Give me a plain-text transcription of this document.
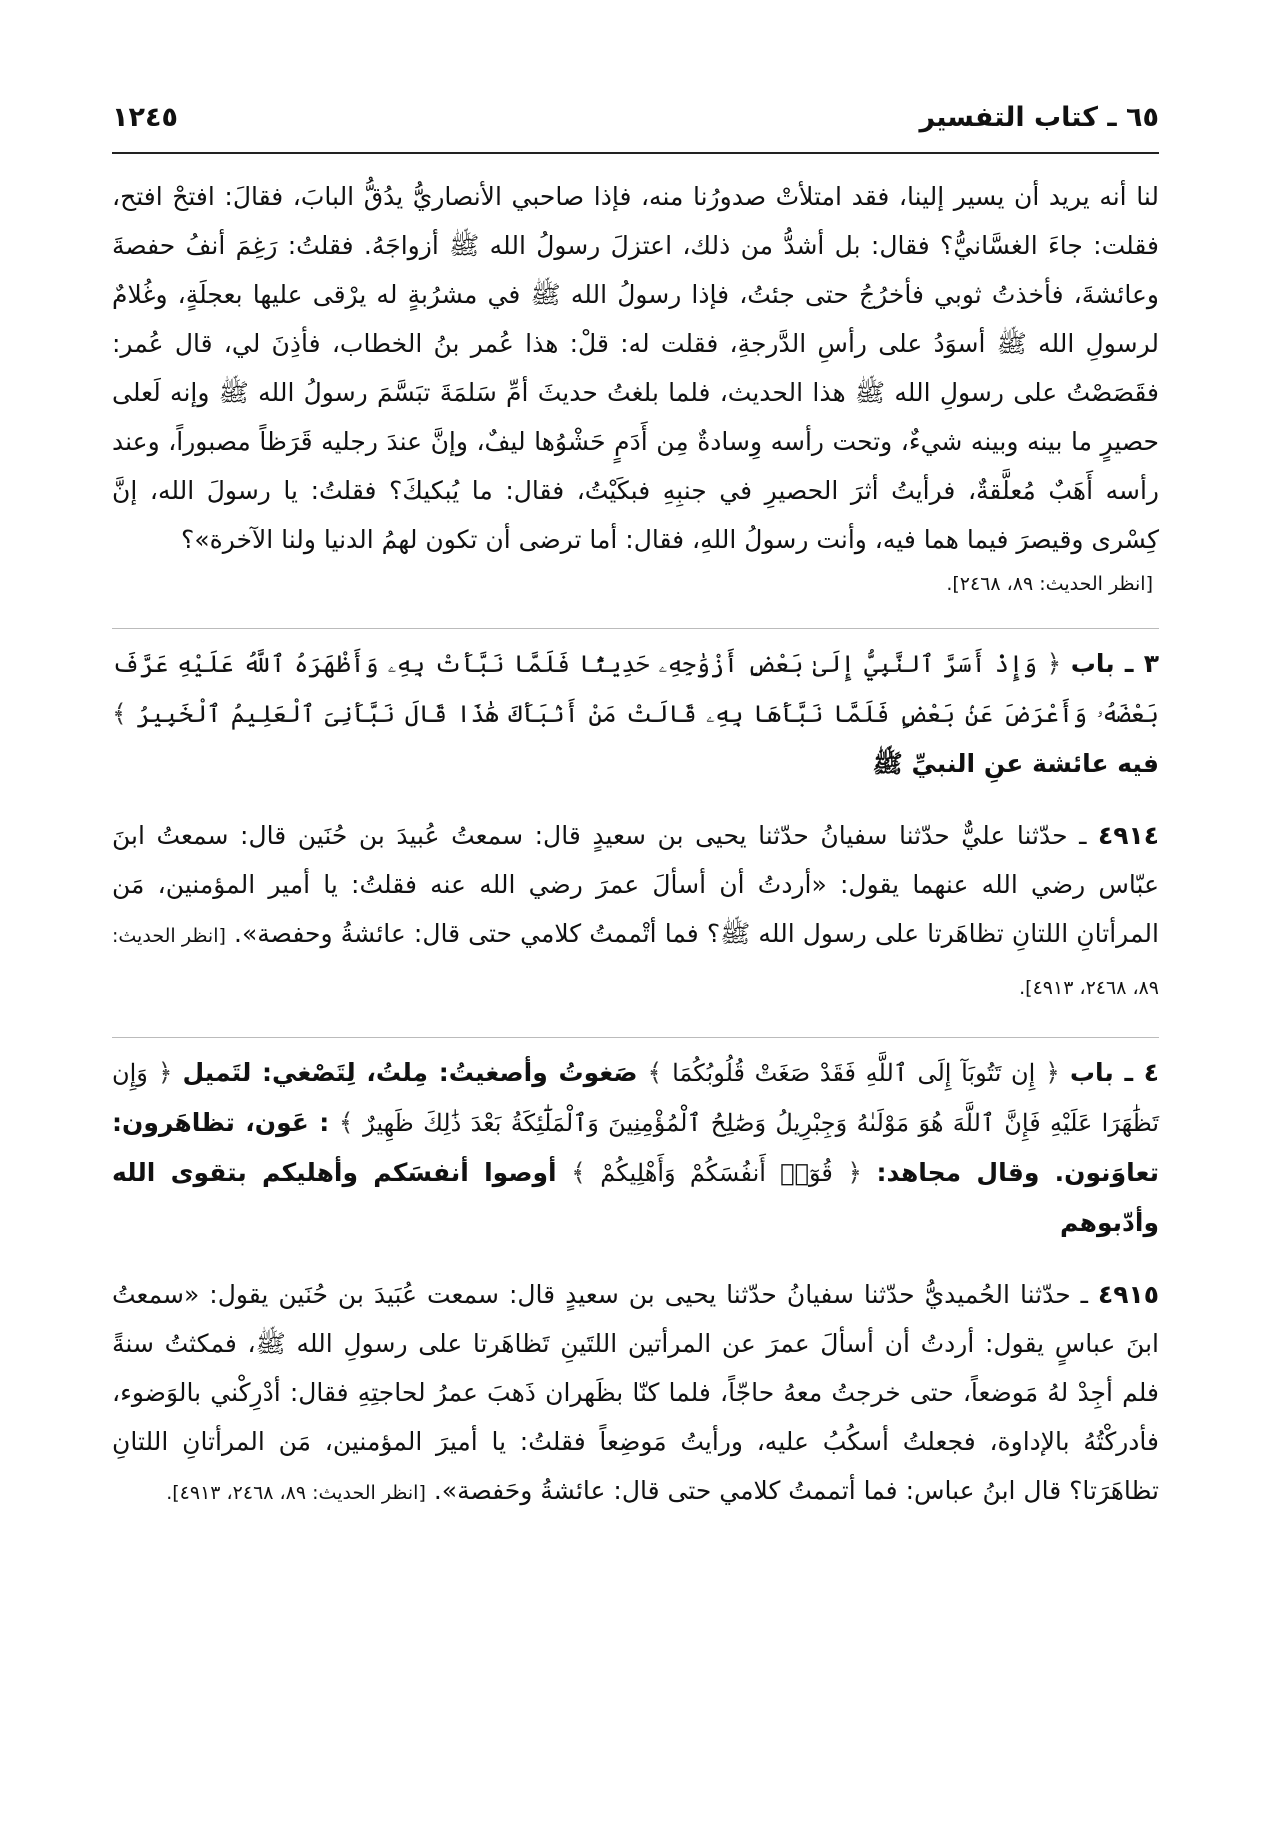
٦٥ ـ كتاب التفسير
١٢٤٥

لنا أنه يريد أن يسير إلينا، فقد امتلأتْ صدورُنا منه، فإذا صاحبي الأنصاريُّ يدُقُّ البابَ، فقالَ: افتحْ افتح، فقلت: جاءَ الغسَّانيُّ؟ فقال: بل أشدُّ من ذلك، اعتزلَ رسولُ الله ﷺ أزواجَهُ. فقلتُ: رَغِمَ أنفُ حفصةَ وعائشةَ، فأخذتُ ثوبي فأخرُجُ حتى جئتُ، فإذا رسولُ الله ﷺ في مشرُبةٍ له يرْقى عليها بعجلَةٍ، وغُلامٌ لرسولِ الله ﷺ أسوَدُ على رأسِ الدَّرجةِ، فقلت له: قلْ: هذا عُمر بنُ الخطاب، فأذِنَ لي، قال عُمر: فقَصَصْتُ على رسولِ الله ﷺ هذا الحديث، فلما بلغتُ حديثَ أمِّ سَلمَةَ تبَسَّمَ رسولُ الله ﷺ وإنه لَعلى حصيرٍ ما بينه وبينه شيءٌ، وتحت رأسه وِسادةٌ مِن أَدَمٍ حَشْوُها ليفٌ، وإنَّ عندَ رجليه قَرَظاً مصبوراً، وعند رأسه أَهَبٌ مُعلَّقةٌ، فرأيتُ أثرَ الحصيرِ في جنبِهِ فبكَيْتُ، فقال: ما يُبكيكَ؟ فقلتُ: يا رسولَ الله، إنَّ كِسْرى وقيصرَ فيما هما فيه، وأنت رسولُ اللهِ، فقال: أما ترضى أن تكون لهمُ الدنيا ولنا الآخرة»؟

[انظر الحديث: ٨٩، ٢٤٦٨].

٣ ـ باب ﴿ وَإِذْ أَسَرَّ ٱلنَّبِيُّ إِلَىٰ بَعْضِ أَزْوَٰجِهِۦ حَدِيثًا فَلَمَّا نَبَّأَتْ بِهِۦ وَأَظْهَرَهُ ٱللَّهُ عَلَيْهِ عَرَّفَ بَعْضَهُۥ وَأَعْرَضَ عَنۢ بَعْضٍ فَلَمَّا نَبَّأَهَا بِهِۦ قَالَتْ مَنْ أَنۢبَأَكَ هَٰذَا قَالَ نَبَّأَنِىَ ٱلْعَلِيمُ ٱلْخَبِيرُ ﴾ فيه عائشة عنِ النبيِّ ﷺ

٤٩١٤ ـ حدّثنا عليٌّ حدّثنا سفيانُ حدّثنا يحيى بن سعيدٍ قال: سمعتُ عُبيدَ بن حُنَين قال: سمعتُ ابنَ عبّاس رضي الله عنهما يقول: «أردتُ أن أسألَ عمرَ رضي الله عنه فقلتُ: يا أمير المؤمنين، مَن المرأتانِ اللتانِ تظاهَرتا على رسول الله ﷺ؟ فما أتْممتُ كلامي حتى قال: عائشةُ وحفصة». [انظر الحديث: ٨٩، ٢٤٦٨، ٤٩١٣].

٤ ـ باب ﴿ إِن تَتُوبَآ إِلَى ٱللَّهِ فَقَدْ صَغَتْ قُلُوبُكُمَا ﴾ صَغوتُ وأصغيتُ: مِلتُ، لِتَصْغي: لتَميل ﴿ وَإِن تَظَٰهَرَا عَلَيْهِ فَإِنَّ ٱللَّهَ هُوَ مَوْلَىٰهُ وَجِبْرِيلُ وَصَٰلِحُ ٱلْمُؤْمِنِينَ وَٱلْمَلَٰٓئِكَةُ بَعْدَ ذَٰلِكَ ظَهِيرٌ ﴾ : عَون، تظاهَرون: تعاوَنون. وقال مجاهد: ﴿ قُوٓا۟ أَنفُسَكُمْ وَأَهْلِيكُمْ ﴾ أوصوا أنفسَكم وأهليكم بتقوى الله وأدّبوهم

٤٩١٥ ـ حدّثنا الحُميديُّ حدّثنا سفيانُ حدّثنا يحيى بن سعيدٍ قال: سمعت عُبَيدَ بن حُنَين يقول: «سمعتُ ابنَ عباسٍ يقول: أردتُ أن أسألَ عمرَ عن المرأتين اللتَينِ تَظاهَرتا على رسولِ الله ﷺ، فمكثتُ سنةً فلم أجِدْ لهُ مَوضعاً، حتى خرجتُ معهُ حاجّاً، فلما كنّا بظَهران ذَهبَ عمرُ لحاجتِهِ فقال: أدْرِكْني بالوَضوء، فأدركْتُهُ بالإداوة، فجعلتُ أسكُبُ عليه، ورأيتُ مَوضِعاً فقلتُ: يا أميرَ المؤمنين، مَن المرأتانِ اللتانِ تظاهَرَتا؟ قال ابنُ عباس: فما أتممتُ كلامي حتى قال: عائشةُ وحَفصة». [انظر الحديث: ٨٩، ٢٤٦٨، ٤٩١٣].
